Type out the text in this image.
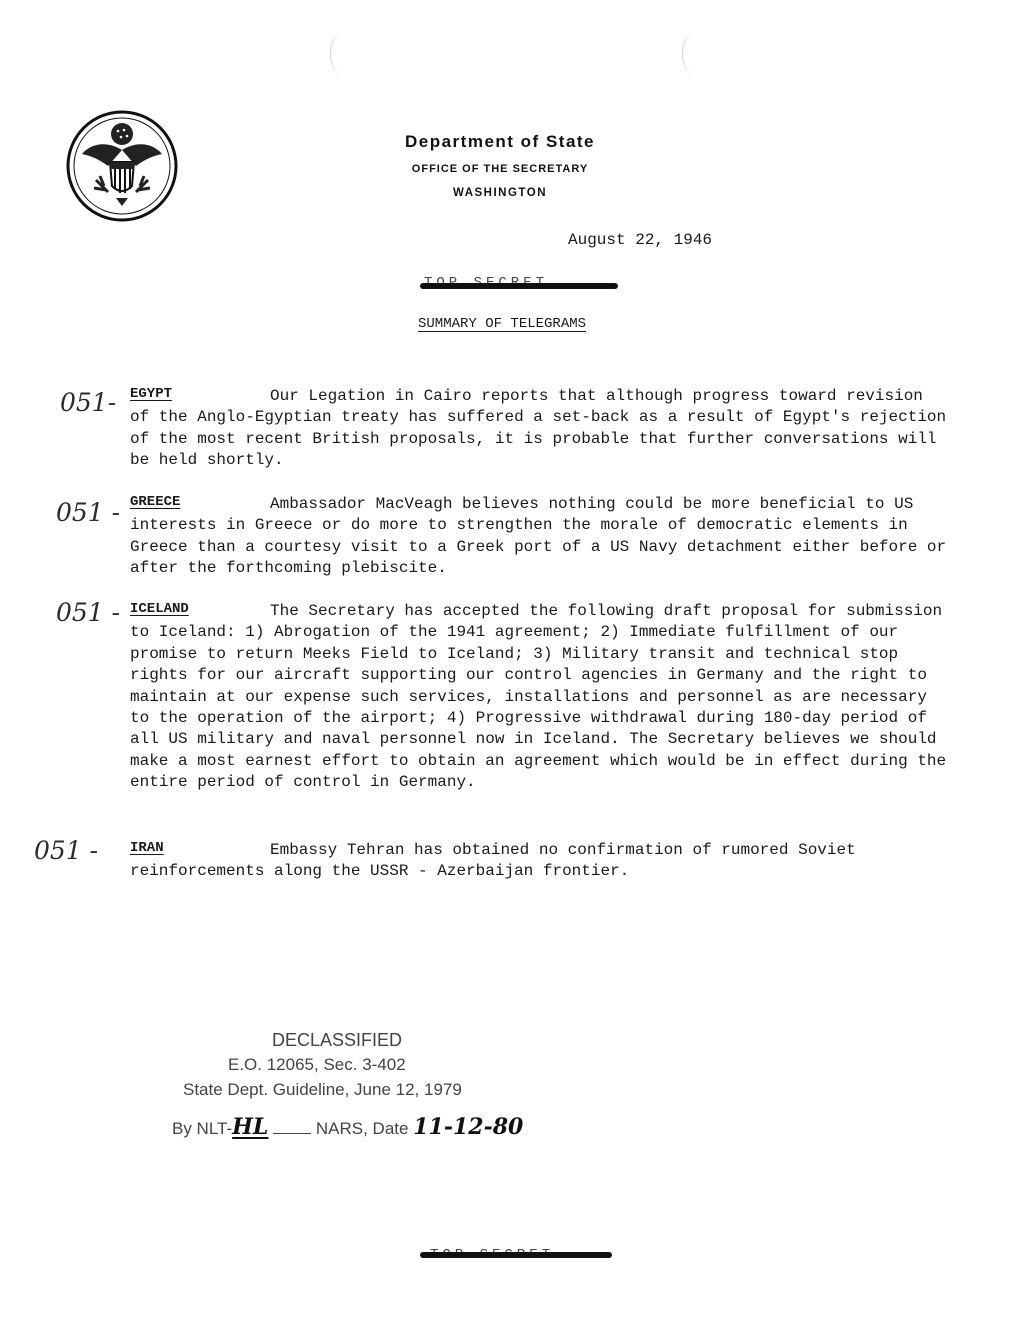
Department of State
OFFICE OF THE SECRETARY
WASHINGTON
August 22, 1946
SUMMARY OF TELEGRAMS
051-
051 -
051 -
051 -

Our Legation in Cairo reports that although progress toward revision of the Anglo-Egyptian treaty has suffered a set-back as a result of Egypt's rejection of the most recent British proposals, it is probable that further conversations will be held shortly.

EGYPT

Ambassador MacVeagh believes nothing could be more beneficial to US interests in Greece or do more to strengthen the morale of democratic elements in Greece than a courtesy visit to a Greek port of a US Navy detachment either before or after the forthcoming plebiscite.

GREECE

The Secretary has accepted the following draft proposal for submission to Iceland: 1) Abrogation of the 1941 agreement; 2) Immediate fulfillment of our promise to return Meeks Field to Iceland; 3) Military transit and technical stop rights for our aircraft supporting our control agencies in Germany and the right to maintain at our expense such services, installations and personnel as are necessary to the operation of the airport; 4) Progressive withdrawal during 180-day period of all US military and naval personnel now in Iceland. The Secretary believes we should make a most earnest effort to obtain an agreement which would be in effect during the entire period of control in Germany.

ICELAND

Embassy Tehran has obtained no confirmation of rumored Soviet reinforcements along the USSR - Azerbaijan frontier.

IRAN
DECLASSIFIED
E.O. 12065, Sec. 3-402
State Dept. Guideline, June 12, 1979
By NLT-HL	NARS, Date 11-12-80
